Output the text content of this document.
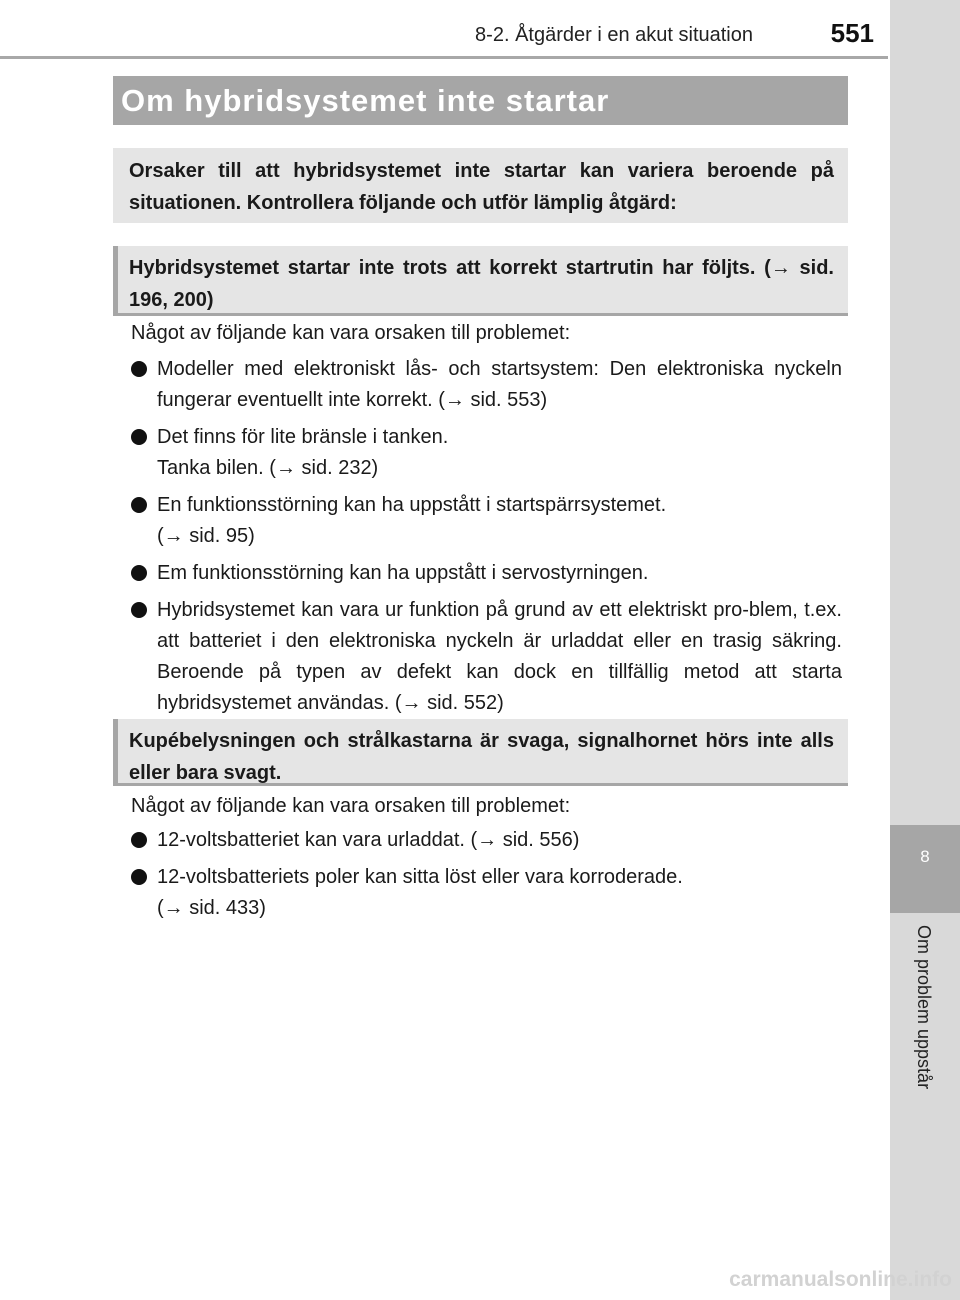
8-2. Åtgärder i en akut situation	551
8
Om problem uppstår
Om hybridsystemet inte startar
Orsaker till att hybridsystemet inte startar kan variera beroende på situationen. Kontrollera följande och utför lämplig åtgärd:
Hybridsystemet startar inte trots att korrekt startrutin har följts. (→ sid. 196, 200)
Något av följande kan vara orsaken till problemet:
Modeller med elektroniskt lås- och startsystem: Den elektroniska nyckeln fungerar eventuellt inte korrekt. (→ sid. 553)
Det finns för lite bränsle i tanken.
Tanka bilen. (→ sid. 232)
En funktionsstörning kan ha uppstått i startspärrsystemet.
(→ sid. 95)
Em funktionsstörning kan ha uppstått i servostyrningen.
Hybridsystemet kan vara ur funktion på grund av ett elektriskt pro-blem, t.ex. att batteriet i den elektroniska nyckeln är urladdat eller en trasig säkring. Beroende på typen av defekt kan dock en tillfällig metod att starta hybridsystemet användas. (→ sid. 552)
Kupébelysningen och strålkastarna är svaga, signalhornet hörs inte alls eller bara svagt.
Något av följande kan vara orsaken till problemet:
12-voltsbatteriet kan vara urladdat. (→ sid. 556)
12-voltsbatteriets poler kan sitta löst eller vara korroderade.
(→ sid. 433)
carmanualsonline.info
